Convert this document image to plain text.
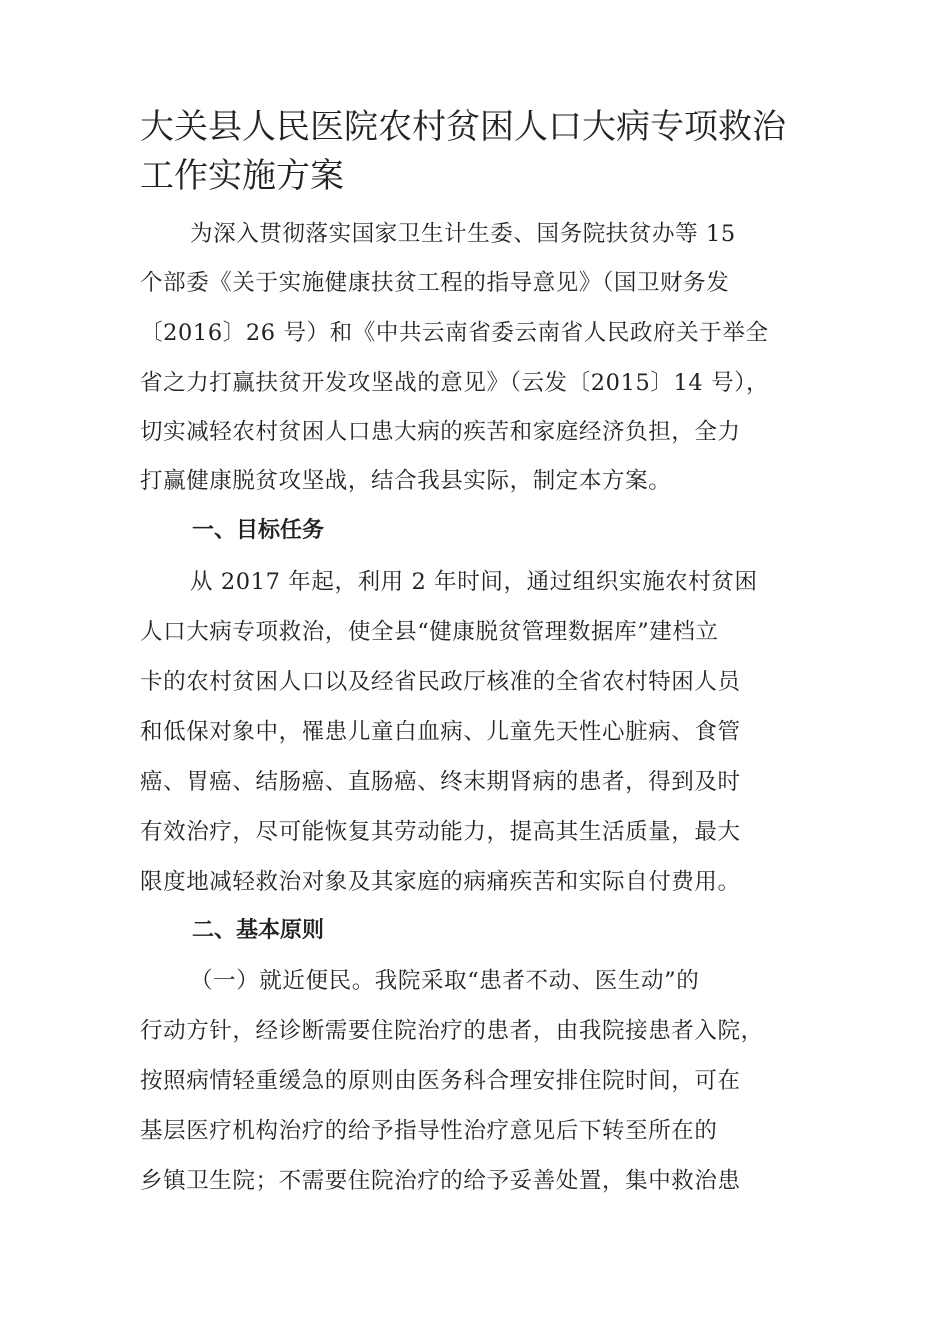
大关县人民医院农村贫困人口大病专项救治
工作实施方案
为深入贯彻落实国家卫生计生委、国务院扶贫办等 15
个部委《关于实施健康扶贫工程的指导意见》（国卫财务发
〔2016〕26 号）和《中共云南省委云南省人民政府关于举全
省之力打赢扶贫开发攻坚战的意见》（云发〔2015〕14 号），
切实减轻农村贫困人口患大病的疾苦和家庭经济负担，全力
打赢健康脱贫攻坚战，结合我县实际，制定本方案。
一、目标任务
从 2017 年起，利用 2 年时间，通过组织实施农村贫困
人口大病专项救治，使全县“健康脱贫管理数据库”建档立
卡的农村贫困人口以及经省民政厅核准的全省农村特困人员
和低保对象中，罹患儿童白血病、儿童先天性心脏病、食管
癌、胃癌、结肠癌、直肠癌、终末期肾病的患者，得到及时
有效治疗，尽可能恢复其劳动能力，提高其生活质量，最大
限度地减轻救治对象及其家庭的病痛疾苦和实际自付费用。
二、基本原则
（一）就近便民。我院采取“患者不动、医生动”的
行动方针，经诊断需要住院治疗的患者，由我院接患者入院，
按照病情轻重缓急的原则由医务科合理安排住院时间，可在
基层医疗机构治疗的给予指导性治疗意见后下转至所在的
乡镇卫生院；不需要住院治疗的给予妥善处置，集中救治患
